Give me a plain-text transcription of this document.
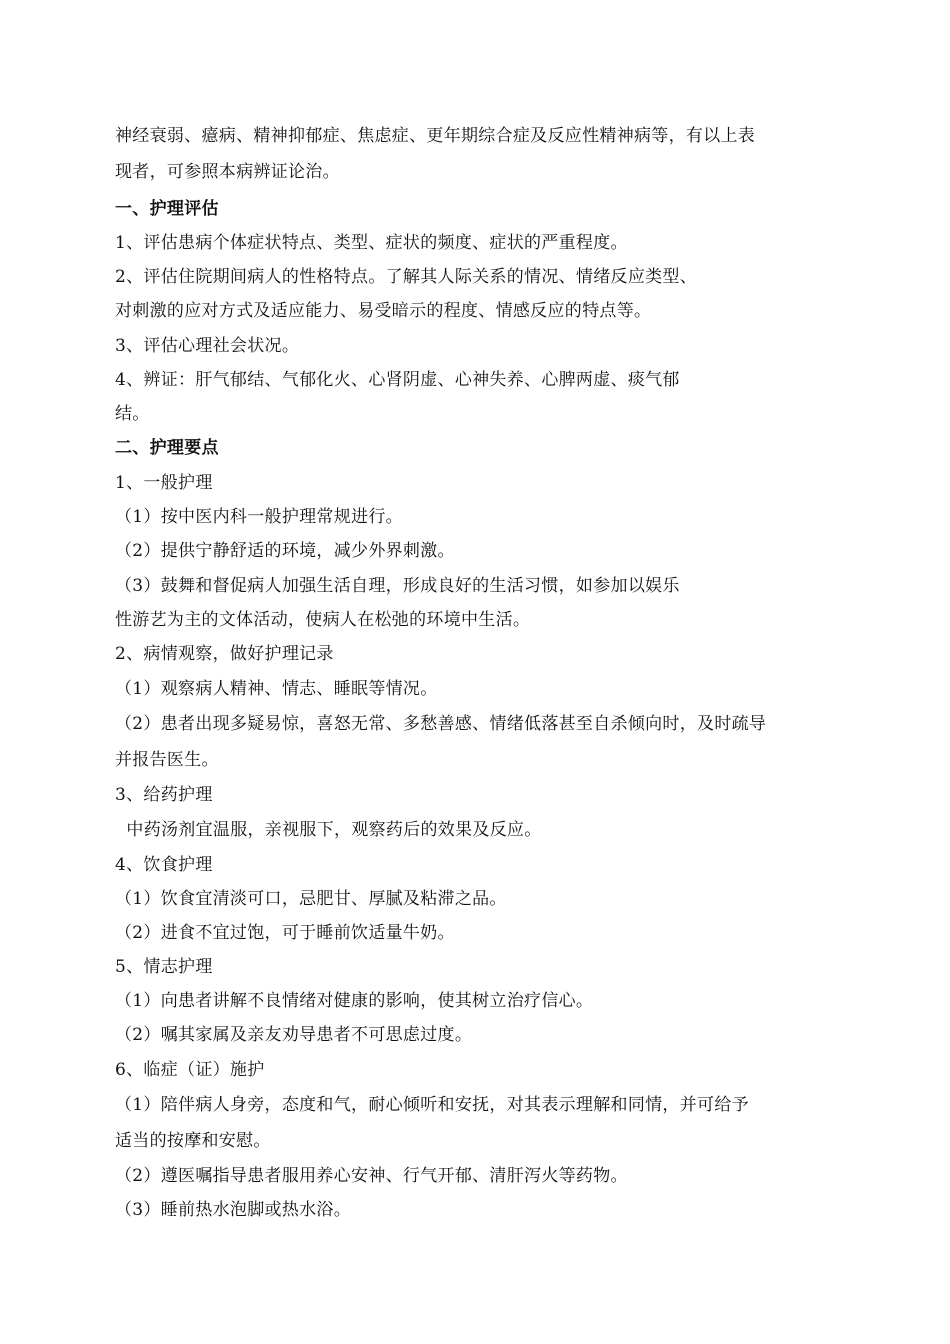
神经衰弱、癔病、精神抑郁症、焦虑症、更年期综合症及反应性精神病等，有以上表
现者，可参照本病辨证论治。
一、护理评估
1、评估患病个体症状特点、类型、症状的频度、症状的严重程度。
2、评估住院期间病人的性格特点。了解其人际关系的情况、情绪反应类型、
对刺激的应对方式及适应能力、易受暗示的程度、情感反应的特点等。
3、评估心理社会状况。
4、辨证：肝气郁结、气郁化火、心肾阴虚、心神失养、心脾两虚、痰气郁
结。
二、护理要点
1、一般护理
（1）按中医内科一般护理常规进行。
（2）提供宁静舒适的环境，减少外界刺激。
（3）鼓舞和督促病人加强生活自理，形成良好的生活习惯，如参加以娱乐
性游艺为主的文体活动，使病人在松弛的环境中生活。
2、病情观察，做好护理记录
（1）观察病人精神、情志、睡眠等情况。
（2）患者出现多疑易惊，喜怒无常、多愁善感、情绪低落甚至自杀倾向时，及时疏导
并报告医生。
3、给药护理
中药汤剂宜温服，亲视服下，观察药后的效果及反应。
4、饮食护理
（1）饮食宜清淡可口，忌肥甘、厚腻及粘滞之品。
（2）进食不宜过饱，可于睡前饮适量牛奶。
5、情志护理
（1）向患者讲解不良情绪对健康的影响，使其树立治疗信心。
（2）嘱其家属及亲友劝导患者不可思虑过度。
6、临症（证）施护
（1）陪伴病人身旁，态度和气，耐心倾听和安抚，对其表示理解和同情，并可给予
适当的按摩和安慰。
（2）遵医嘱指导患者服用养心安神、行气开郁、清肝泻火等药物。
（3）睡前热水泡脚或热水浴。
